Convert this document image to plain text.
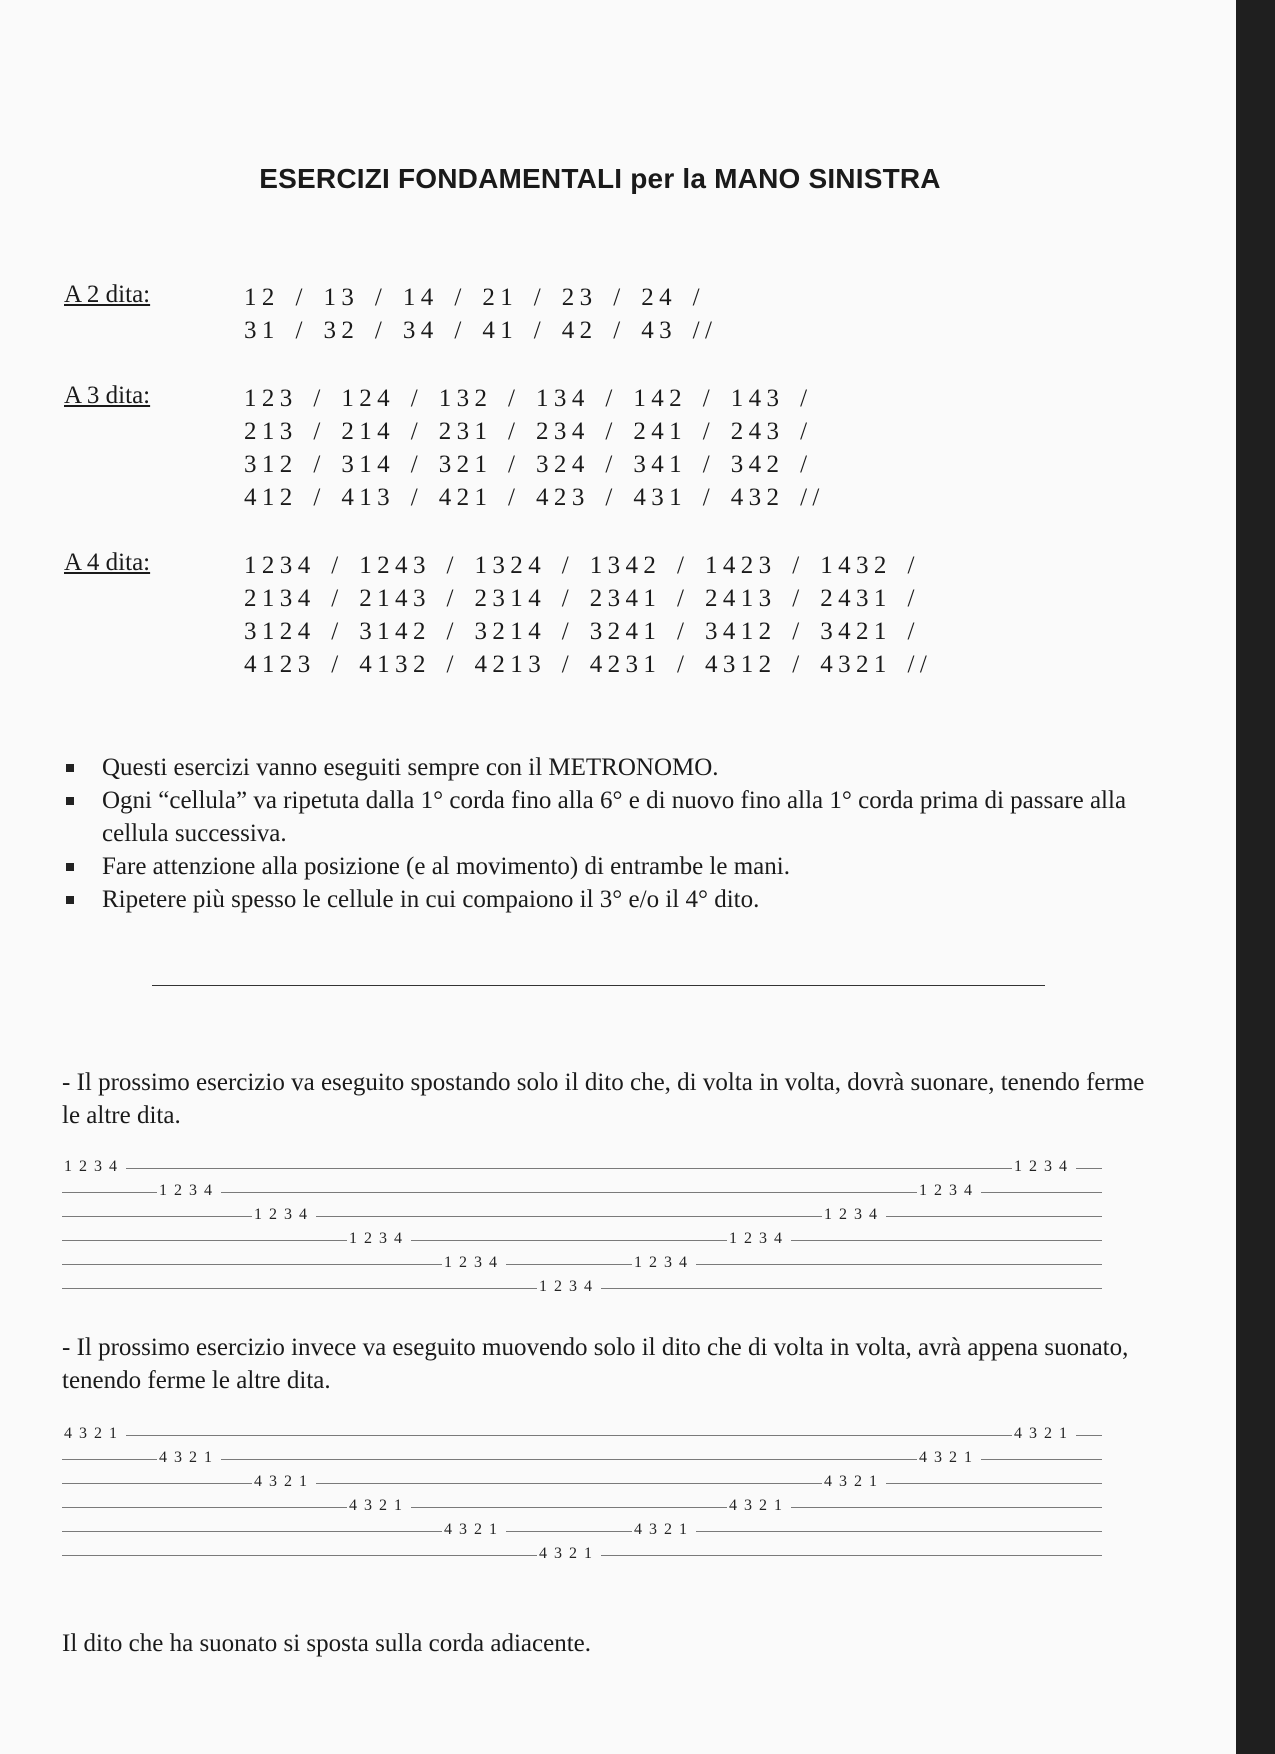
ESERCIZI FONDAMENTALI per la MANO SINISTRA
A 2 dita:	12 / 13 / 14 / 21 / 23 / 24 /
31 / 32 / 34 / 41 / 42 / 43 //
A 3 dita:	123 / 124 / 132 / 134 / 142 / 143 /
213 / 214 / 231 / 234 / 241 / 243 /
312 / 314 / 321 / 324 / 341 / 342 /
412 / 413 / 421 / 423 / 431 / 432 //
A 4 dita:	1234 / 1243 / 1324 / 1342 / 1423 / 1432 /
2134 / 2143 / 2314 / 2341 / 2413 / 2431 /
3124 / 3142 / 3214 / 3241 / 3412 / 3421 /
4123 / 4132 / 4213 / 4231 / 4312 / 4321 //
Questi esercizi vanno eseguiti sempre con il METRONOMO.
Ogni “cellula” va ripetuta dalla 1° corda fino alla 6° e di nuovo fino alla 1° corda prima di passare alla cellula successiva.
Fare attenzione alla posizione (e al movimento) di entrambe le mani.
Ripetere più spesso le cellule in cui compaiono il 3° e/o il 4° dito.
- Il prossimo esercizio va eseguito spostando solo il dito che, di volta in volta, dovrà suonare, tenendo ferme le altre dita.
1234
1234
1234
1234
1234
1234
1234
1234
1234
1234
1234
- Il prossimo esercizio invece va eseguito muovendo solo il dito che di volta in volta, avrà appena suonato, tenendo ferme le altre dita.
4321
4321
4321
4321
4321
4321
4321
4321
4321
4321
4321
Il dito che ha suonato si sposta sulla corda adiacente.
